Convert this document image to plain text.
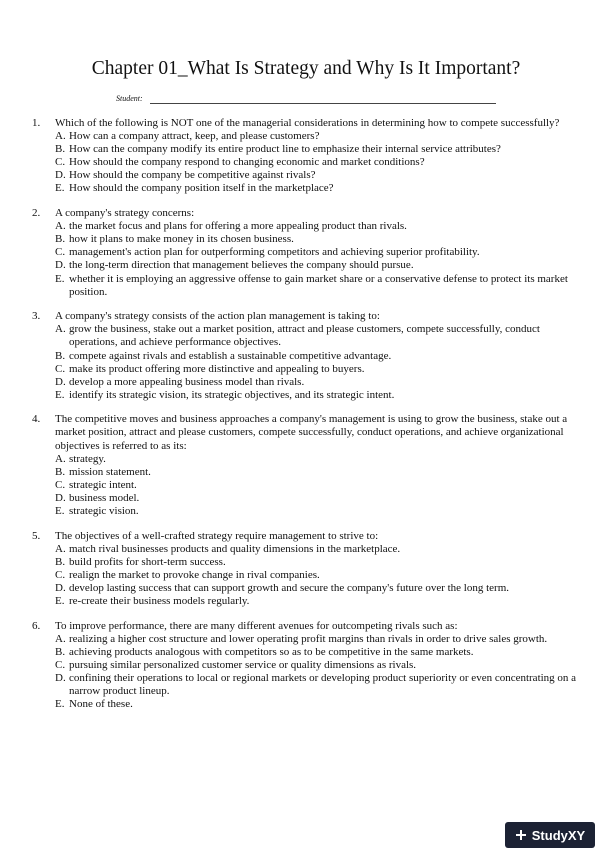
Chapter 01_What Is Strategy and Why Is It Important?
Student:
1.	Which of the following is NOT one of the managerial considerations in determining how to compete successfully?
A. How can a company attract, keep, and please customers?
B. How can the company modify its entire product line to emphasize their internal service attributes?
C. How should the company respond to changing economic and market conditions?
D. How should the company be competitive against rivals?
E. How should the company position itself in the marketplace?
2.	A company's strategy concerns:
A. the market focus and plans for offering a more appealing product than rivals.
B. how it plans to make money in its chosen business.
C. management's action plan for outperforming competitors and achieving superior profitability.
D. the long-term direction that management believes the company should pursue.
E. whether it is employing an aggressive offense to gain market share or a conservative defense to protect its market position.
3.	A company's strategy consists of the action plan management is taking to:
A. grow the business, stake out a market position, attract and please customers, compete successfully, conduct operations, and achieve performance objectives.
B. compete against rivals and establish a sustainable competitive advantage.
C. make its product offering more distinctive and appealing to buyers.
D. develop a more appealing business model than rivals.
E. identify its strategic vision, its strategic objectives, and its strategic intent.
4.	The competitive moves and business approaches a company's management is using to grow the business, stake out a market position, attract and please customers, compete successfully, conduct operations, and achieve organizational objectives is referred to as its:
A. strategy.
B. mission statement.
C. strategic intent.
D. business model.
E. strategic vision.
5.	The objectives of a well-crafted strategy require management to strive to:
A. match rival businesses products and quality dimensions in the marketplace.
B. build profits for short-term success.
C. realign the market to provoke change in rival companies.
D. develop lasting success that can support growth and secure the company's future over the long term.
E. re-create their business models regularly.
6.	To improve performance, there are many different avenues for outcompeting rivals such as:
A. realizing a higher cost structure and lower operating profit margins than rivals in order to drive sales growth.
B. achieving products analogous with competitors so as to be competitive in the same markets.
C. pursuing similar personalized customer service or quality dimensions as rivals.
D. confining their operations to local or regional markets or developing product superiority or even concentrating on a narrow product lineup.
E. None of these.
StudyXY
